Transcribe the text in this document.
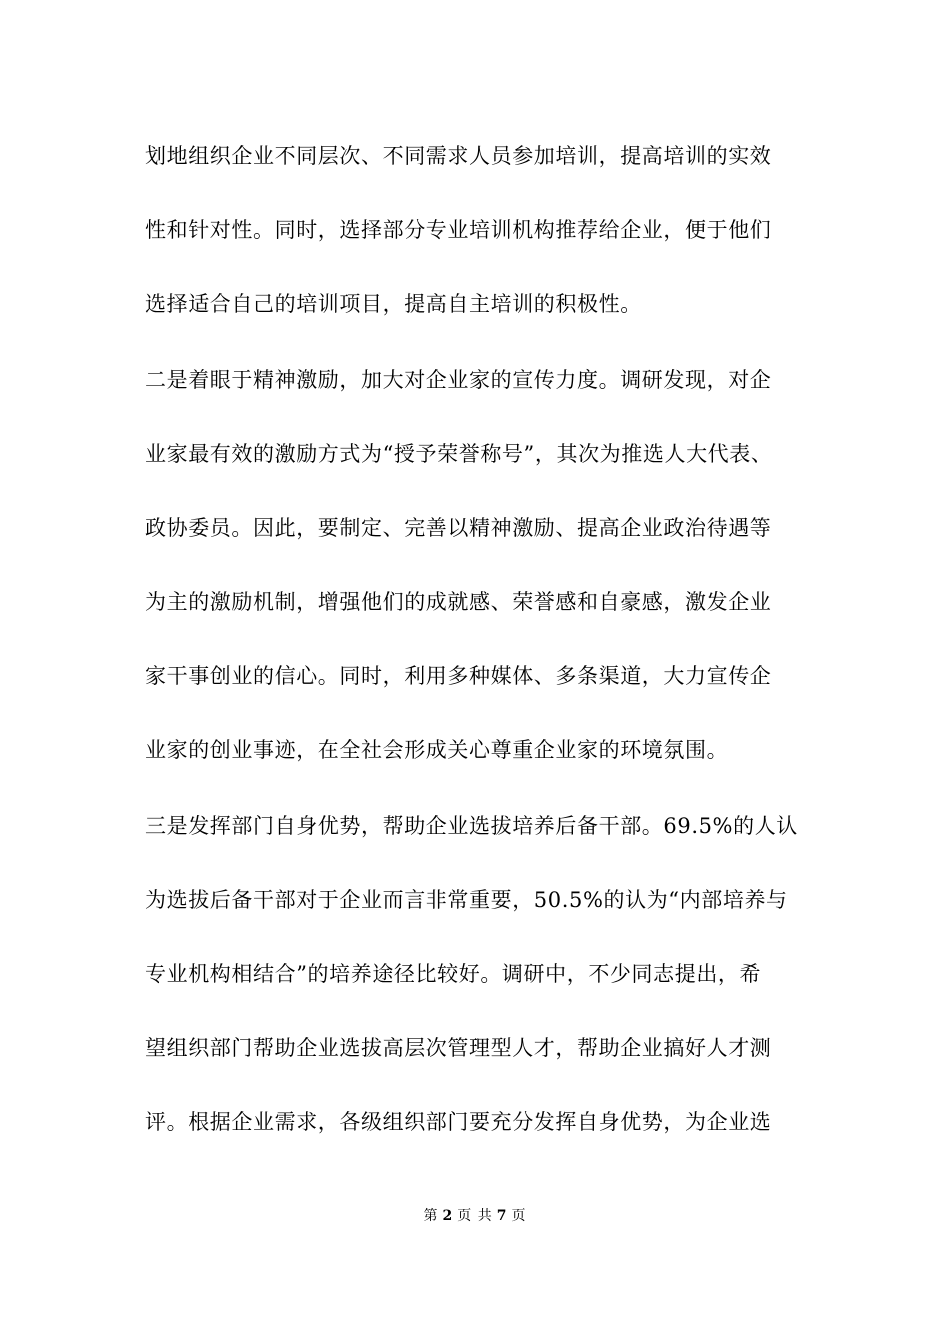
划地组织企业不同层次、不同需求人员参加培训，提高培训的实效
性和针对性。同时，选择部分专业培训机构推荐给企业，便于他们
选择适合自己的培训项目，提高自主培训的积极性。
二是着眼于精神激励，加大对企业家的宣传力度。调研发现，对企
业家最有效的激励方式为“授予荣誉称号”，其次为推选人大代表、
政协委员。因此，要制定、完善以精神激励、提高企业政治待遇等
为主的激励机制，增强他们的成就感、荣誉感和自豪感，激发企业
家干事创业的信心。同时，利用多种媒体、多条渠道，大力宣传企
业家的创业事迹，在全社会形成关心尊重企业家的环境氛围。
三是发挥部门自身优势，帮助企业选拔培养后备干部。69.5%的人认
为选拔后备干部对于企业而言非常重要，50.5%的认为“内部培养与
专业机构相结合”的培养途径比较好。调研中，不少同志提出，希
望组织部门帮助企业选拔高层次管理型人才，帮助企业搞好人才测
评。根据企业需求，各级组织部门要充分发挥自身优势，为企业选
第 2 页 共 7 页
